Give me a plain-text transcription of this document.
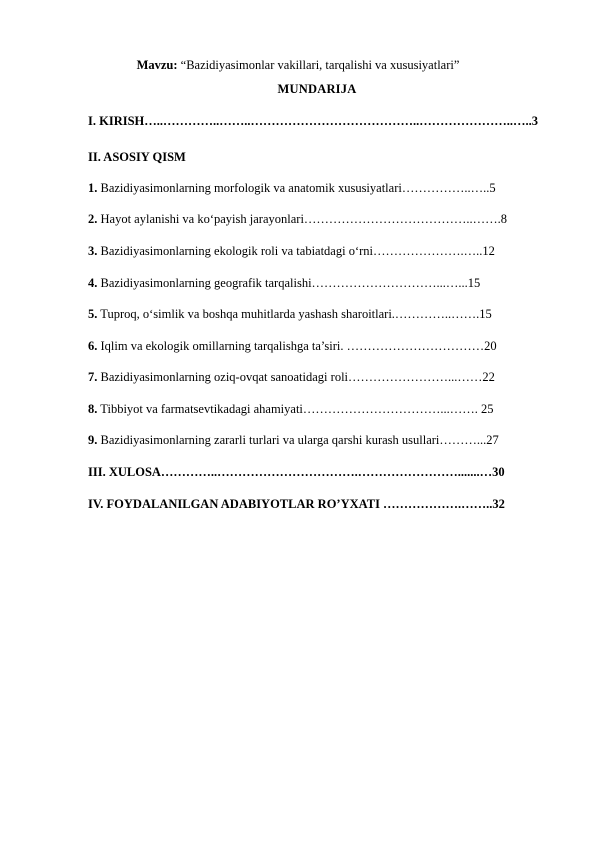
Mavzu: “Bazidiyasimonlar vakillari, tarqalishi va xususiyatlari”
MUNDARIJA
I. KIRISH…..…………..……..…………………………………..…………………..…..3
II. ASOSIY QISM
1. Bazidiyasimonlarning morfologik va anatomik xususiyatlari……………..…..5
2. Hayot aylanishi va ko‘payish jarayonlari…………………………………..…….8
3. Bazidiyasimonlarning ekologik roli va tabiatdagi o‘rni………………….…..12
4. Bazidiyasimonlarning geografik tarqalishi…………………………...…...15
5. Tuproq, o‘simlik va boshqa muhitlarda yashash sharoitlari.…………..…….15
6. Iqlim va ekologik omillarning tarqalishga ta’siri. ……………………………20
7. Bazidiyasimonlarning oziq-ovqat sanoatidagi roli……………………...……22
8. Tibbiyot va farmatsevtikadagi ahamiyati……………………………...……. 25
9. Bazidiyasimonlarning zararli turlari va ularga qarshi kurash usullari………...27
III. XULOSA…………..…………………………….…………………….......…30
IV. FOYDALANILGAN ADABIYOTLAR RO’YXATI ……………….……..32
